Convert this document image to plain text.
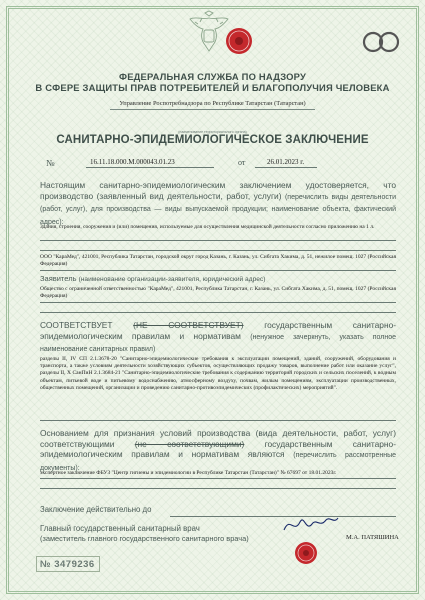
ФЕДЕРАЛЬНАЯ СЛУЖБА ПО НАДЗОРУ
В СФЕРЕ ЗАЩИТЫ ПРАВ ПОТРЕБИТЕЛЕЙ И БЛАГОПОЛУЧИЯ ЧЕЛОВЕКА
Управление Роспотребнадзора по Республике Татарстан (Татарстан)
(наименование территориального органа)
САНИТАРНО-ЭПИДЕМИОЛОГИЧЕСКОЕ ЗАКЛЮЧЕНИЕ
№	16.11.18.000.М.000043.01.23	от	26.01.2023 г.
Настоящим санитарно-эпидемиологическим заключением удостоверяется, что производство (заявленный вид деятельности, работ, услуги) (перечислить виды деятельности (работ, услуг), для производства — виды выпускаемой продукции; наименование объекта, фактический адрес):
Здания, строения, сооружения и (или) помещения, используемые для осуществления медицинской деятельности согласно приложению на 1 л.
ООО "КараМед", 421001, Республика Татарстан, городской округ город Казань, г. Казань, ул. Сибгата Хакима, д. 51, нежилое помещ. 1027 (Российская Федерация)
Заявитель (наименование организации-заявителя, юридический адрес)
Общество с ограниченной ответственностью "КараМед", 421001, Республика Татарстан, г. Казань, ул. Сибгата Хакима, д. 51, помещ. 1027 (Российская Федерация)
СООТВЕТСТВУЕТ (НЕ СООТВЕТСТВУЕТ) государственным санитарно-эпидемиологическим правилам и нормативам (ненужное зачеркнуть, указать полное наименование санитарных правил)
разделы II, IV СП 2.1.3678-20 "Санитарно-эпидемиологические требования к эксплуатации помещений, зданий, сооружений, оборудования и транспорта, а также условиям деятельности хозяйствующих субъектов, осуществляющих продажу товаров, выполнение работ или оказание услуг", разделы II, X СанПиН 2.1.3684-21 "Санитарно-эпидемиологические требования к содержанию территорий городских и сельских поселений, к водным объектам, питьевой воде и питьевому водоснабжению, атмосферному воздуху, почвам, жилым помещениям, эксплуатации производственных, общественных помещений, организации и проведению санитарно-противоэпидемических (профилактических) мероприятий".
Основанием для признания условий производства (вида деятельности, работ, услуг) соответствующими (не соответствующими) государственным санитарно-эпидемиологическим правилам и нормативам являются (перечислить рассмотренные документы):
экспертное заключение ФБУЗ "Центр гигиены и эпидемиологии в Республике Татарстан (Татарстан)" № 67697 от 18.01.2023г.
Заключение действительно до
Главный государственный санитарный врач
(заместитель главного государственного санитарного врача)	М.А. ПАТЯШИНА
№ 3479236
